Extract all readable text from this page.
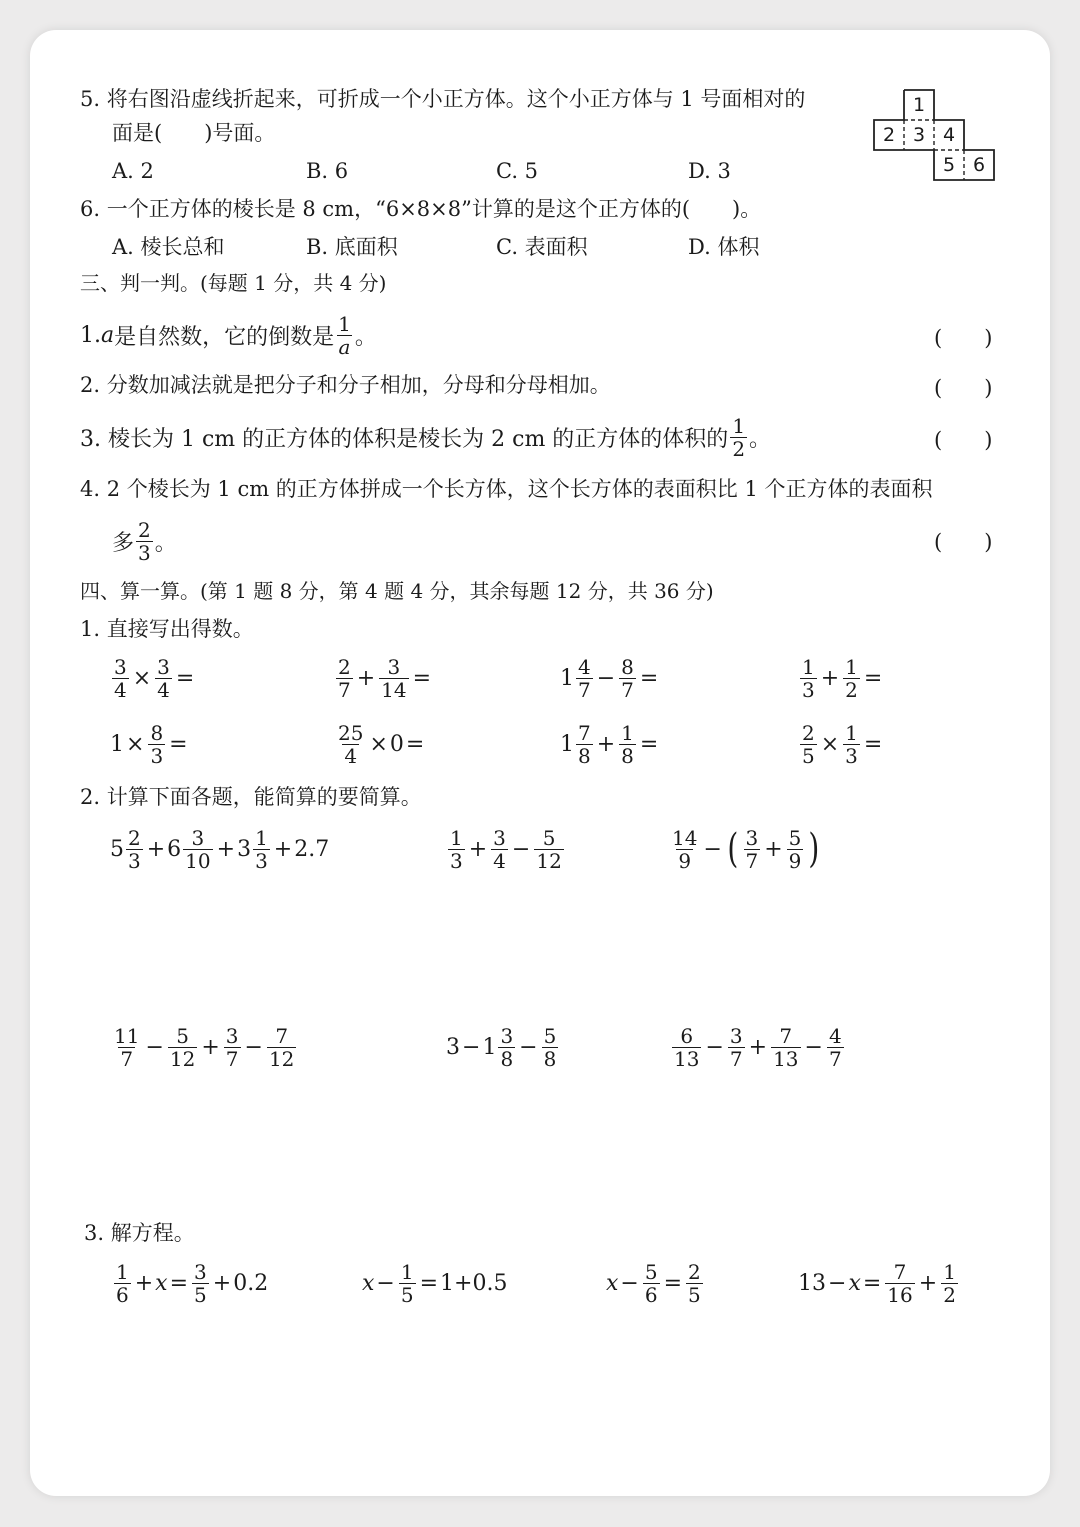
5. 将右图沿虚线折起来，可折成一个小正方体。这个小正方体与 1 号面相对的
面是(　　)号面。
A. 2	B. 6	C. 5	D. 3
1
2 3 4
5 6
6. 一个正方体的棱长是 8 cm，“6×8×8”计算的是这个正方体的(　　)。
A. 棱长总和	B. 底面积	C. 表面积	D. 体积
三、判一判。(每题 1 分，共 4 分)
1. a 是自然数，它的倒数是 $\frac{1}{a}$ 。	(　　)
2. 分数加减法就是把分子和分子相加，分母和分母相加。	(　　)
3. 棱长为 1 cm 的正方体的体积是棱长为 2 cm 的正方体的体积的 $\frac{1}{2}$ 。	(　　)
4. 2 个棱长为 1 cm 的正方体拼成一个长方体，这个长方体的表面积比 1 个正方体的表面积
多 $\frac{2}{3}$ 。	(　　)
四、算一算。(第 1 题 8 分，第 4 题 4 分，其余每题 12 分，共 36 分)
1. 直接写出得数。
$\frac{3}{4} \times \frac{3}{4}$ =	$\frac{2}{7} + \frac{3}{14}$ =	$1 \frac{4}{7} - \frac{8}{7}$ =	$\frac{1}{3} + \frac{1}{2}$ =
$1 \times \frac{8}{3}$ =	$\frac{25}{4} \times 0$ =	$1 \frac{7}{8} + \frac{1}{8}$ =	$\frac{2}{5} \times \frac{1}{3}$ =
2. 计算下面各题，能简算的要简算。
$5 \frac{2}{3} + 6 \frac{3}{10} + 3 \frac{1}{3} + 2.7$	$\frac{1}{3} + \frac{3}{4} - \frac{5}{12}$	$\frac{14}{9}$ − ( $\frac{3}{7} + \frac{5}{9}$ )
$\frac{11}{7} - \frac{5}{12} + \frac{3}{7} - \frac{7}{12}$	$3 - 1 \frac{3}{8} - \frac{5}{8}$	$\frac{6}{13} - \frac{3}{7} + \frac{7}{13} - \frac{4}{7}$
3. 解方程。
$\frac{1}{6} + x = \frac{3}{5} + 0.2$	$x - \frac{1}{5} = 1+0.5$	$x - \frac{5}{6} = \frac{2}{5}$	$13 - x = \frac{7}{16} + \frac{1}{2}$
